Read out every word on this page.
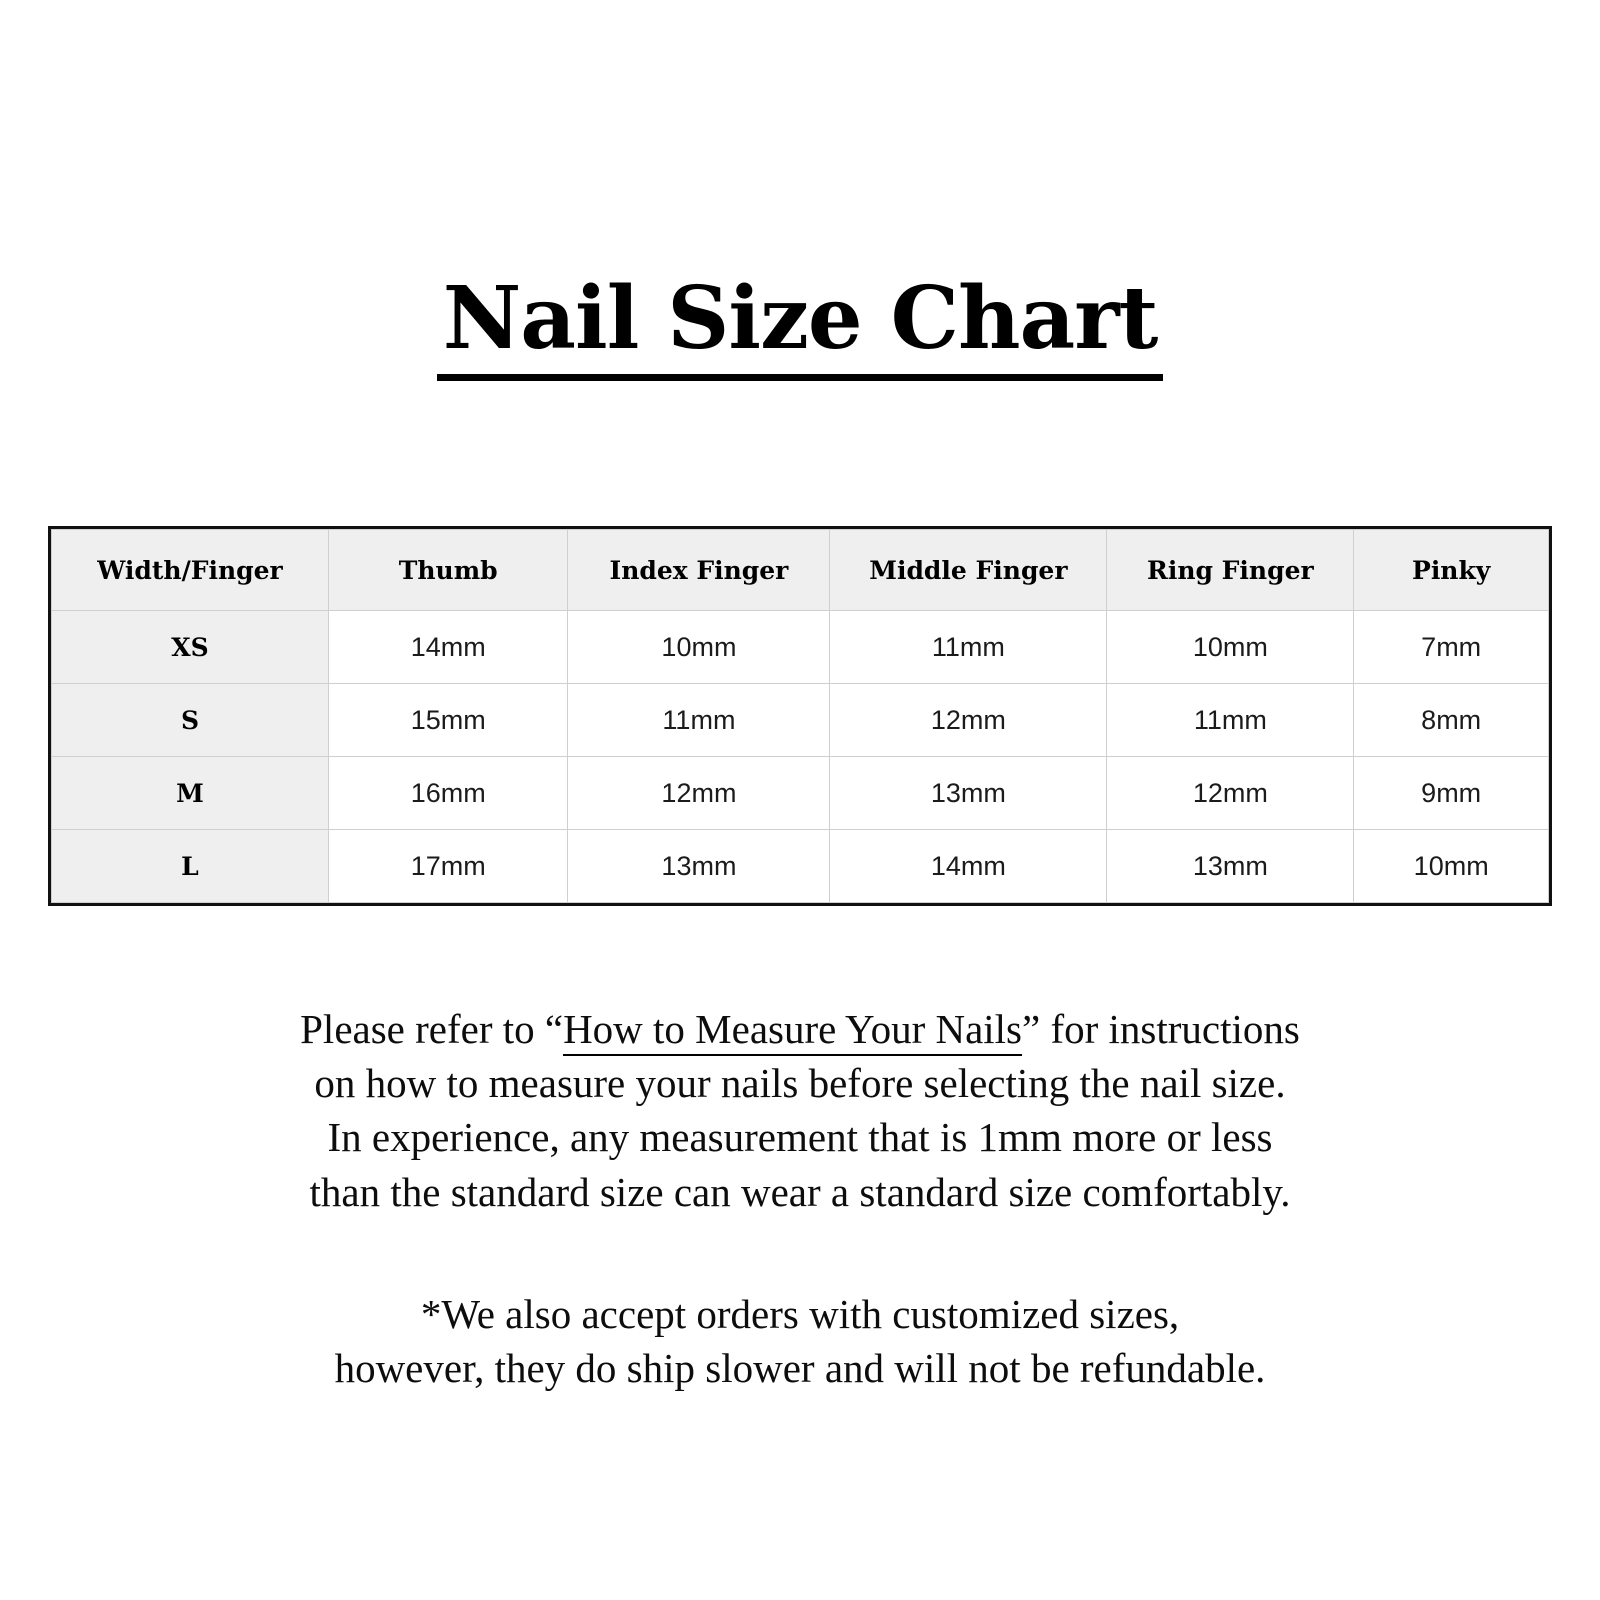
Nail Size Chart
Width/Finger	Thumb	Index Finger	Middle Finger	Ring Finger	Pinky
XS	14mm	10mm	11mm	10mm	7mm
S	15mm	11mm	12mm	11mm	8mm
M	16mm	12mm	13mm	12mm	9mm
L	17mm	13mm	14mm	13mm	10mm

Please refer to “How to Measure Your Nails” for instructions

on how to measure your nails before selecting the nail size.

In experience, any measurement that is 1mm more or less

than the standard size can wear a standard size comfortably.

*We also accept orders with customized sizes,

however, they do ship slower and will not be refundable.
